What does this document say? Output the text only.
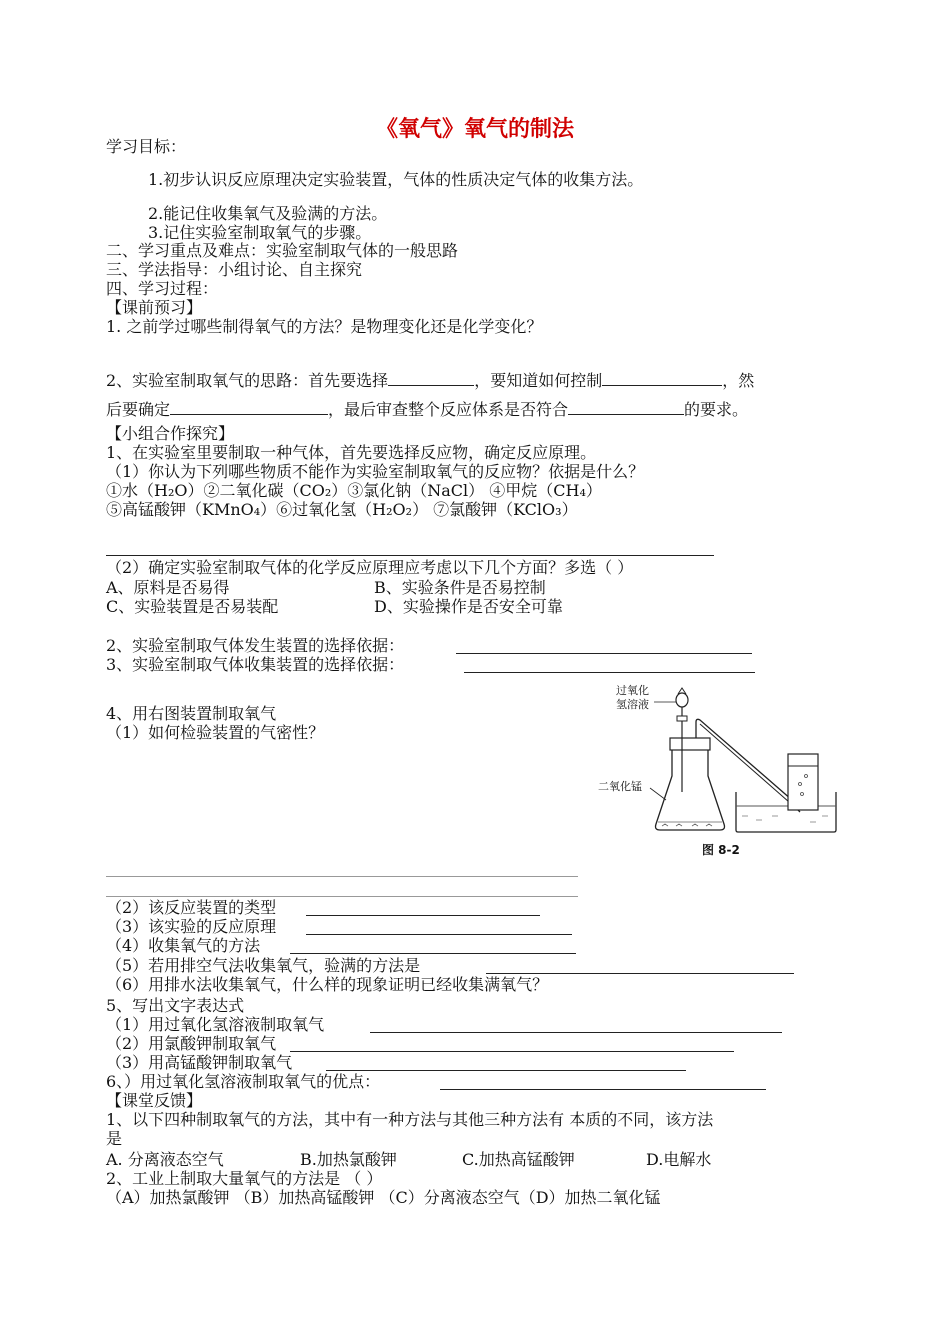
《氧气》氧气的制法
学习目标：
1.初步认识反应原理决定实验装置，气体的性质决定气体的收集方法。
2.能记住收集氧气及验满的方法。
3.记住实验室制取氧气的步骤。
二、学习重点及难点：实验室制取气体的一般思路
三、学法指导：小组讨论、自主探究
四、学习过程：
【课前预习】
1. 之前学过哪些制得氧气的方法？是物理变化还是化学变化？
2、实验室制取氧气的思路：首先要选择	，要知道如何控制	，然
后要确定	，最后审查整个反应体系是否符合	的要求。
【小组合作探究】
1、在实验室里要制取一种气体，首先要选择反应物，确定反应原理。
（1）你认为下列哪些物质不能作为实验室制取氧气的反应物？依据是什么？
①水（H₂O）②二氧化碳（CO₂）③氯化钠（NaCl） ④甲烷（CH₄）
⑤高锰酸钾（KMnO₄）⑥过氧化氢（H₂O₂） ⑦氯酸钾（KClO₃）
（2）确定实验室制取气体的化学反应原理应考虑以下几个方面？多选（ ）
A、原料是否易得	B、实验条件是否易控制
C、实验装置是否易装配	D、实验操作是否安全可靠
2、实验室制取气体发生装置的选择依据：
3、实验室制取气体收集装置的选择依据：
4、用右图装置制取氧气
（1）如何检验装置的气密性？
过氧化
氢溶液
二氧化锰
图 8-2
（2）该反应装置的类型
（3）该实验的反应原理
（4）收集氧气的方法
（5）若用排空气法收集氧气，验满的方法是
（6）用排水法收集氧气，什么样的现象证明已经收集满氧气？
5、写出文字表达式
（1）用过氧化氢溶液制取氧气
（2）用氯酸钾制取氧气
（3）用高锰酸钾制取氧气
6、）用过氧化氢溶液制取氧气的优点：
【课堂反馈】
1、以下四种制取氧气的方法，其中有一种方法与其他三种方法有 本质的不同，该方法
是
A. 分离液态空气	B.加热氯酸钾	C.加热高锰酸钾	D.电解水
2、工业上制取大量氧气的方法是 （ ）
（A）加热氯酸钾 （B）加热高锰酸钾 （C）分离液态空气（D）加热二氧化锰
